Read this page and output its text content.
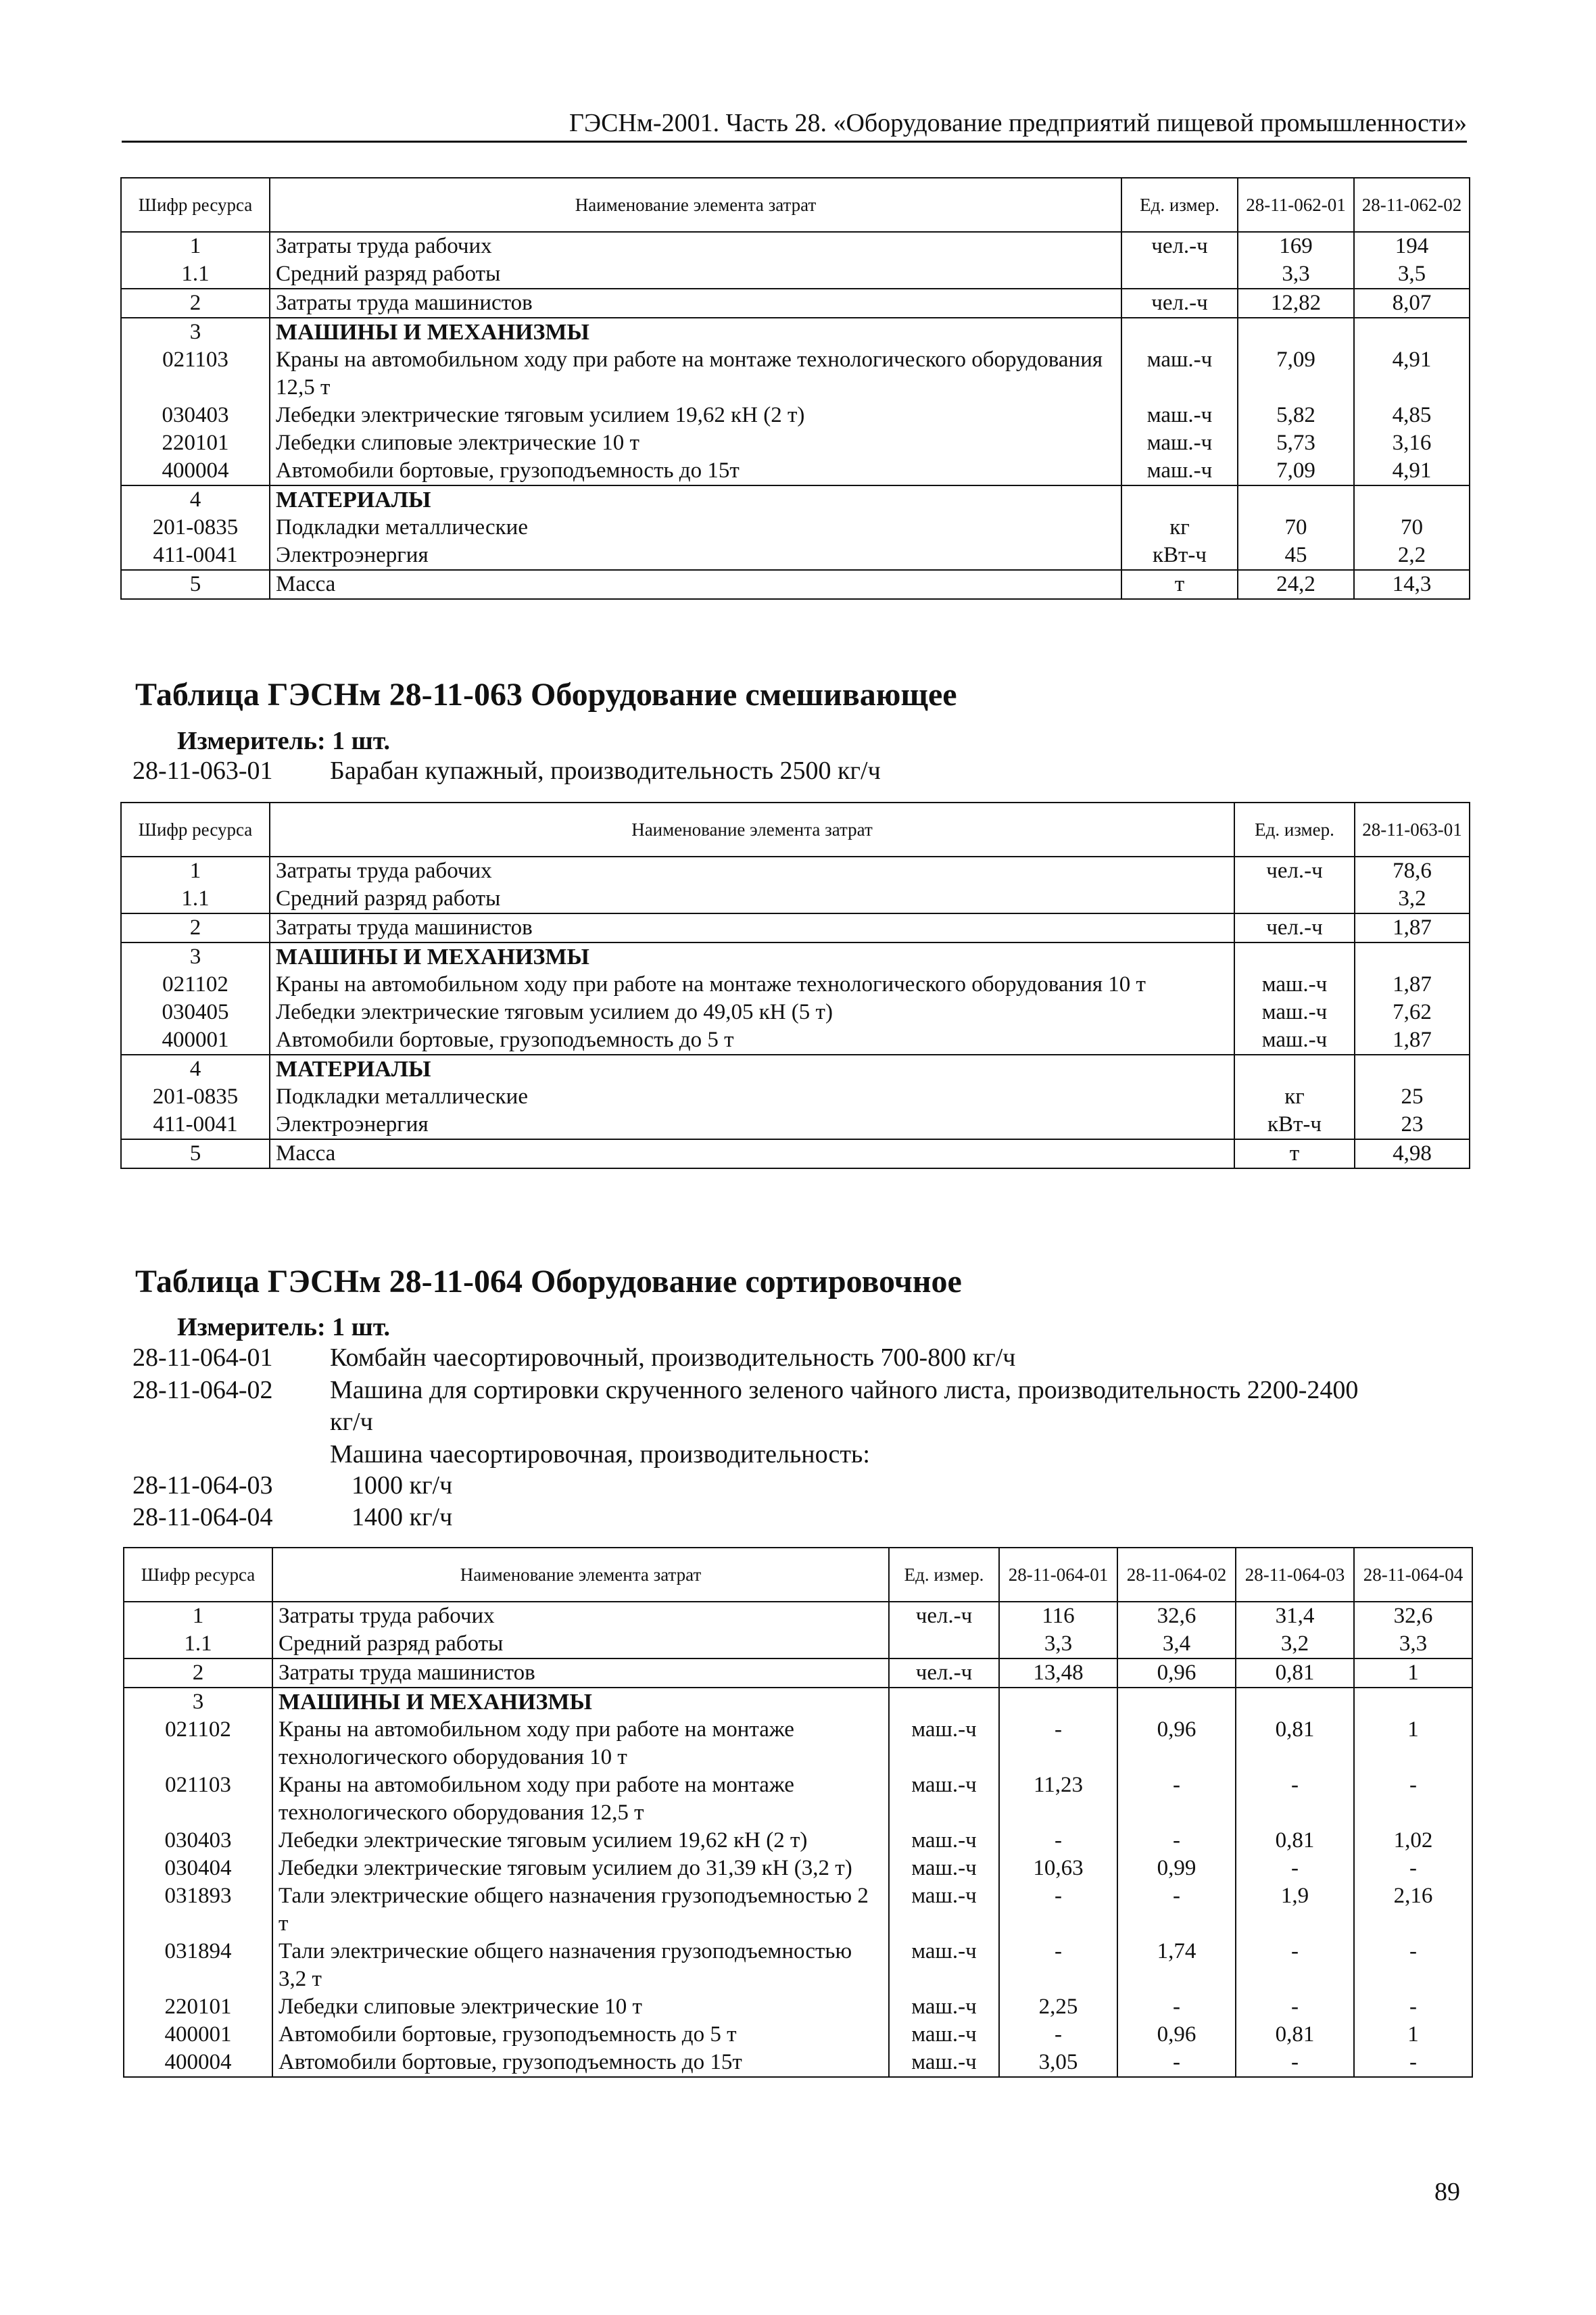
ГЭСНм-2001. Часть 28. «Оборудование предприятий пищевой промышленности»
Шифр ресурса	Наименование элемента затрат	Ед. измер.	28-11-062-01	28-11-062-02
1	Затраты труда рабочих	чел.-ч	169	194
1.1	Средний разряд работы		3,3	3,5
2	Затраты труда машинистов	чел.-ч	12,82	8,07
3	МАШИНЫ И МЕХАНИЗМЫ			
021103	Краны на автомобильном ходу при работе на монтаже технологического оборудования 12,5 т	маш.-ч	7,09	4,91
030403	Лебедки электрические тяговым усилием 19,62 кН (2 т)	маш.-ч	5,82	4,85
220101	Лебедки слиповые электрические 10 т	маш.-ч	5,73	3,16
400004	Автомобили бортовые, грузоподъемность до 15т	маш.-ч	7,09	4,91
4	МАТЕРИАЛЫ			
201-0835	Подкладки металлические	кг	70	70
411-0041	Электроэнергия	кВт-ч	45	2,2
5	Масса	т	24,2	14,3
Таблица ГЭСНм 28-11-063 Оборудование смешивающее
Измеритель: 1 шт.
28-11-063-01 Барабан купажный, производительность 2500 кг/ч
Шифр ресурса	Наименование элемента затрат	Ед. измер.	28-11-063-01
1	Затраты труда рабочих	чел.-ч	78,6
1.1	Средний разряд работы		3,2
2	Затраты труда машинистов	чел.-ч	1,87
3	МАШИНЫ И МЕХАНИЗМЫ		
021102	Краны на автомобильном ходу при работе на монтаже технологического оборудования 10 т	маш.-ч	1,87
030405	Лебедки электрические тяговым усилием до 49,05 кН (5 т)	маш.-ч	7,62
400001	Автомобили бортовые, грузоподъемность до 5 т	маш.-ч	1,87
4	МАТЕРИАЛЫ		
201-0835	Подкладки металлические	кг	25
411-0041	Электроэнергия	кВт-ч	23
5	Масса	т	4,98
Таблица ГЭСНм 28-11-064 Оборудование сортировочное
Измеритель: 1 шт.
28-11-064-01 Комбайн чаесортировочный, производительность 700-800 кг/ч
28-11-064-02 Машина для сортировки скрученного зеленого чайного листа, производительность 2200-2400
кг/ч
Машина чаесортировочная, производительность:
28-11-064-03	1000 кг/ч
28-11-064-04	1400 кг/ч
Шифр ресурса	Наименование элемента затрат	Ед. измер.	28-11-064-01	28-11-064-02	28-11-064-03	28-11-064-04
1	Затраты труда рабочих	чел.-ч	116	32,6	31,4	32,6
1.1	Средний разряд работы		3,3	3,4	3,2	3,3
2	Затраты труда машинистов	чел.-ч	13,48	0,96	0,81	1
3	МАШИНЫ И МЕХАНИЗМЫ					
021102	Краны на автомобильном ходу при работе на монтаже технологического оборудования 10 т	маш.-ч	-	0,96	0,81	1
021103	Краны на автомобильном ходу при работе на монтаже технологического оборудования 12,5 т	маш.-ч	11,23	-	-	-
030403	Лебедки электрические тяговым усилием 19,62 кН (2 т)	маш.-ч	-	-	0,81	1,02
030404	Лебедки электрические тяговым усилием до 31,39 кН (3,2 т)	маш.-ч	10,63	0,99	-	-
031893	Тали электрические общего назначения грузоподъемностью 2 т	маш.-ч	-	-	1,9	2,16
031894	Тали электрические общего назначения грузоподъемностью 3,2 т	маш.-ч	-	1,74	-	-
220101	Лебедки слиповые электрические 10 т	маш.-ч	2,25	-	-	-
400001	Автомобили бортовые, грузоподъемность до 5 т	маш.-ч	-	0,96	0,81	1
400004	Автомобили бортовые, грузоподъемность до 15т	маш.-ч	3,05	-	-	-
89
